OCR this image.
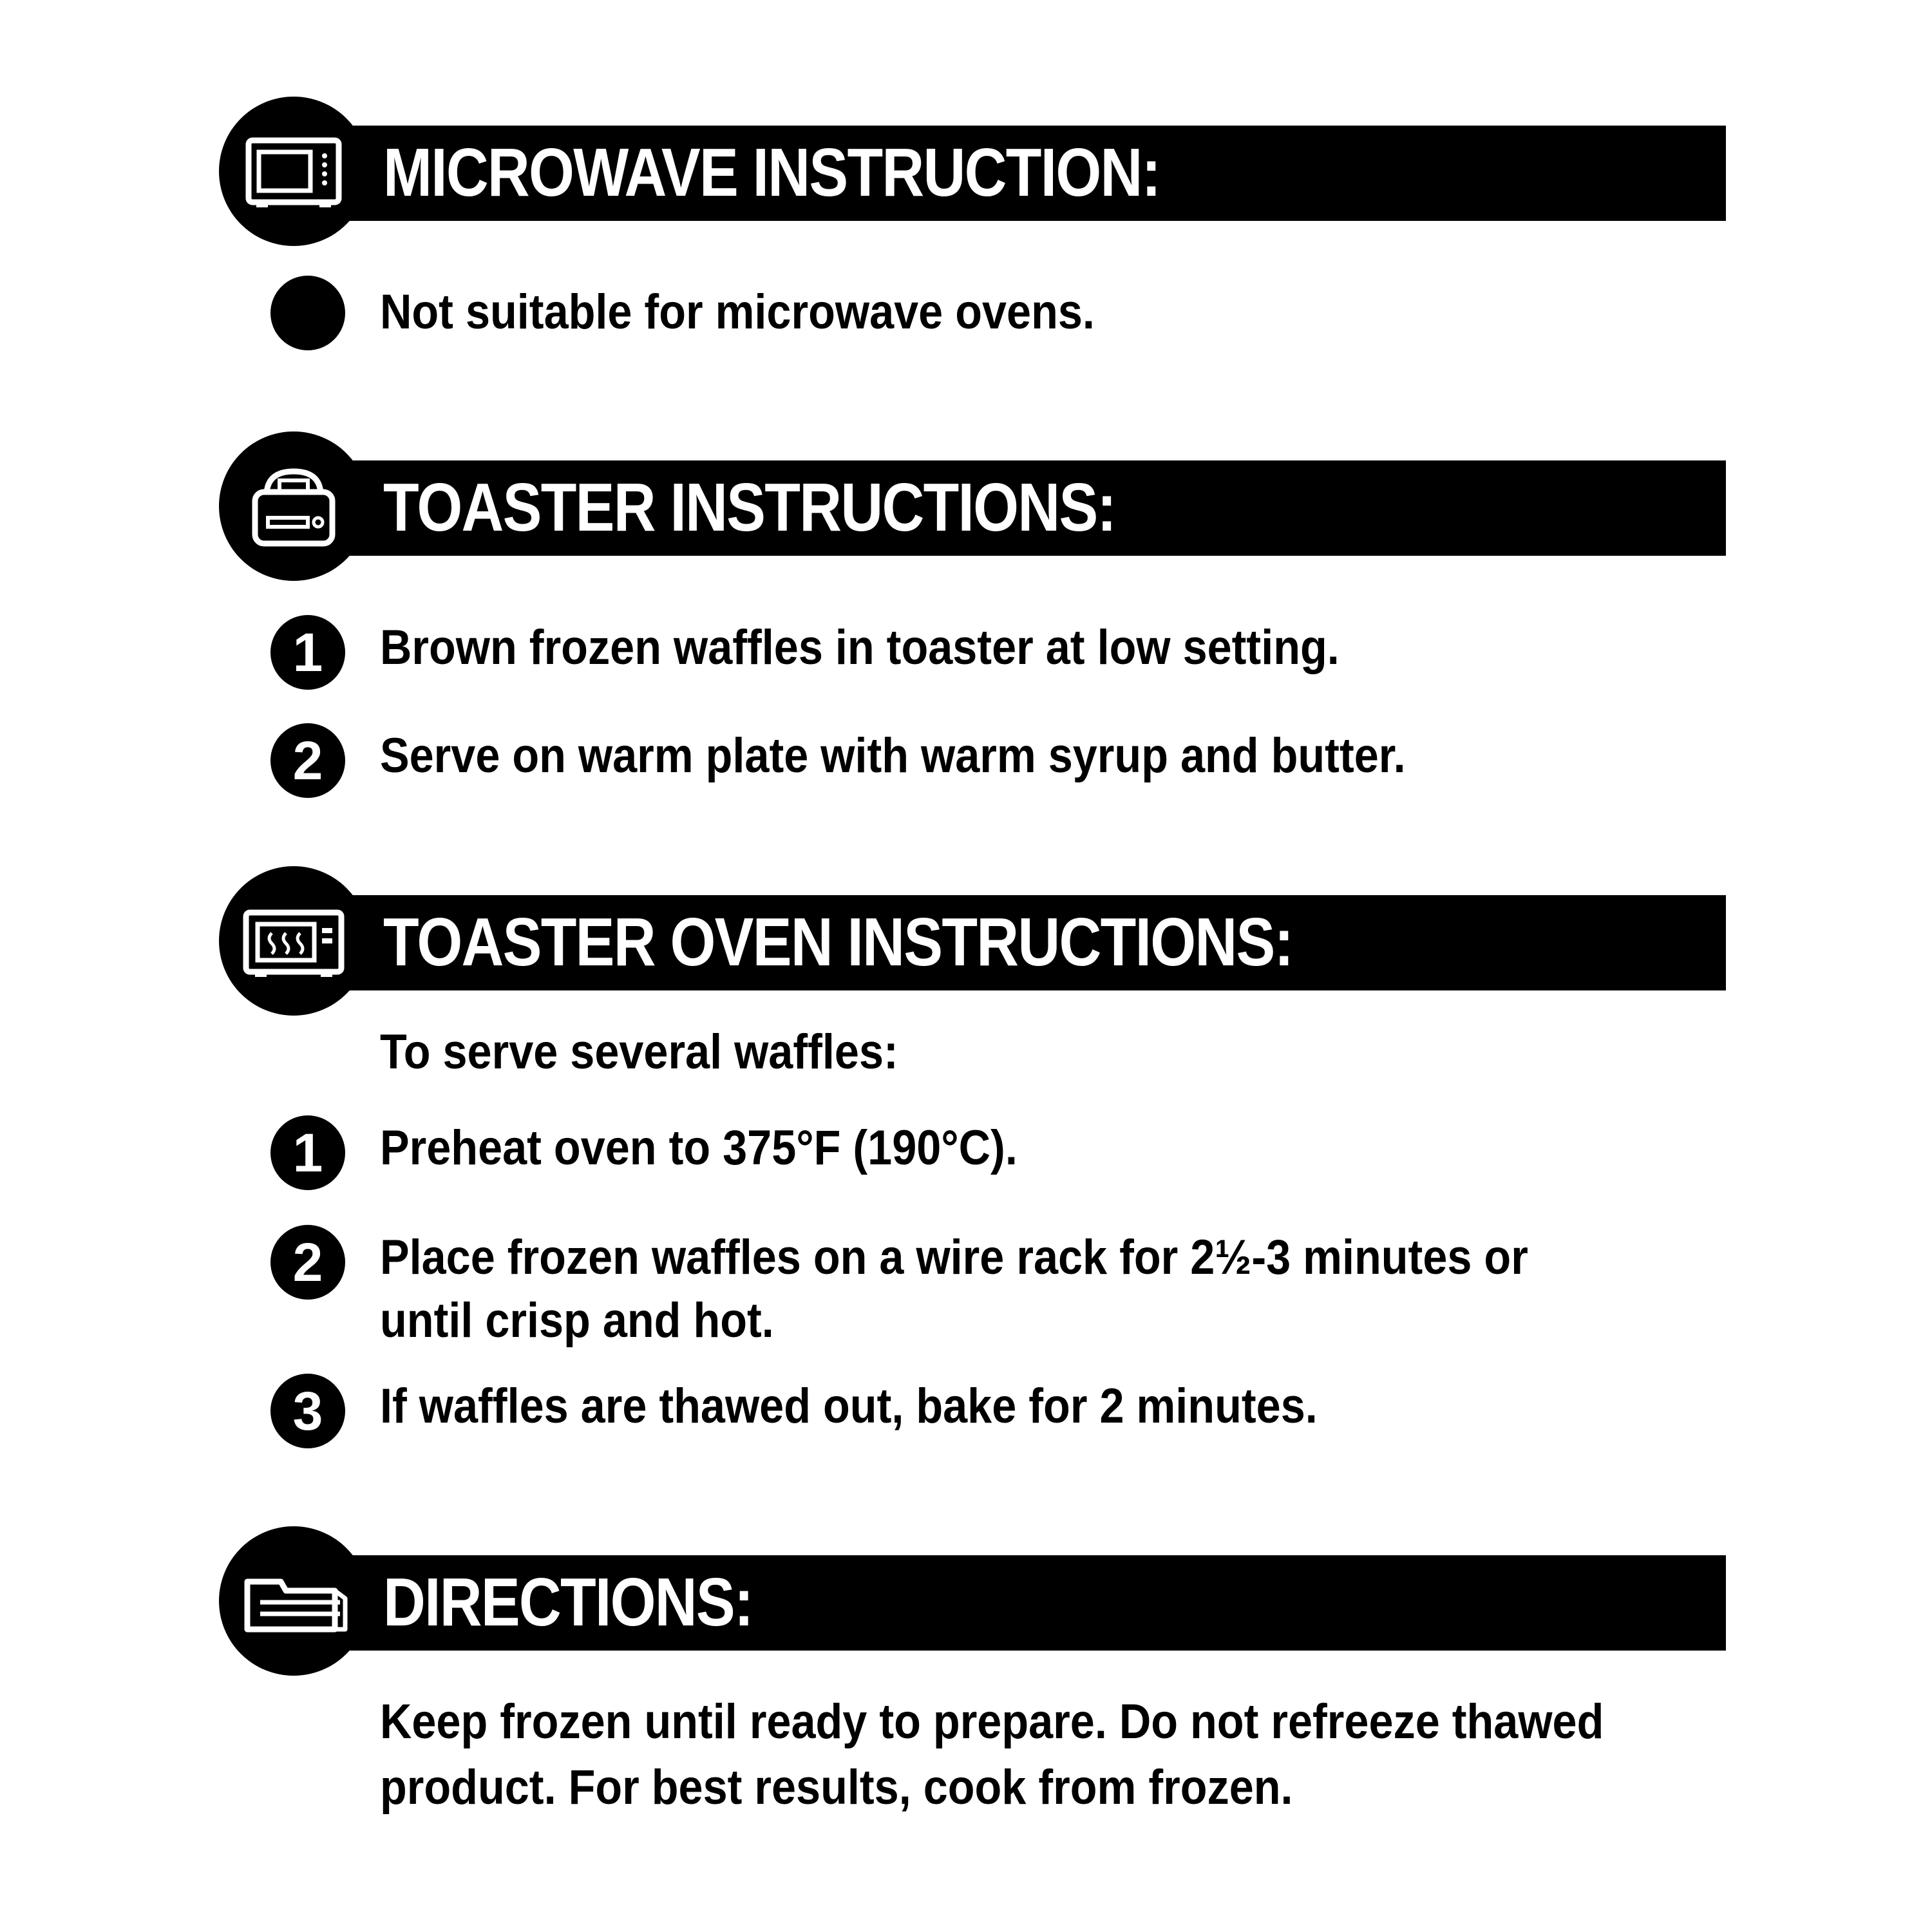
MICROWAVE INSTRUCTION:
Not suitable for microwave ovens.
TOASTER INSTRUCTIONS:
1	Brown frozen waffles in toaster at low setting.
2	Serve on warm plate with warm syrup and butter.
TOASTER OVEN INSTRUCTIONS:
To serve several waffles:
1	Preheat oven to 375°F (190°C).
2	Place frozen waffles on a wire rack for 2½-3 minutes or
until crisp and hot.
3	If waffles are thawed out, bake for 2 minutes.
DIRECTIONS:
Keep frozen until ready to prepare. Do not refreeze thawed
product. For best results, cook from frozen.
